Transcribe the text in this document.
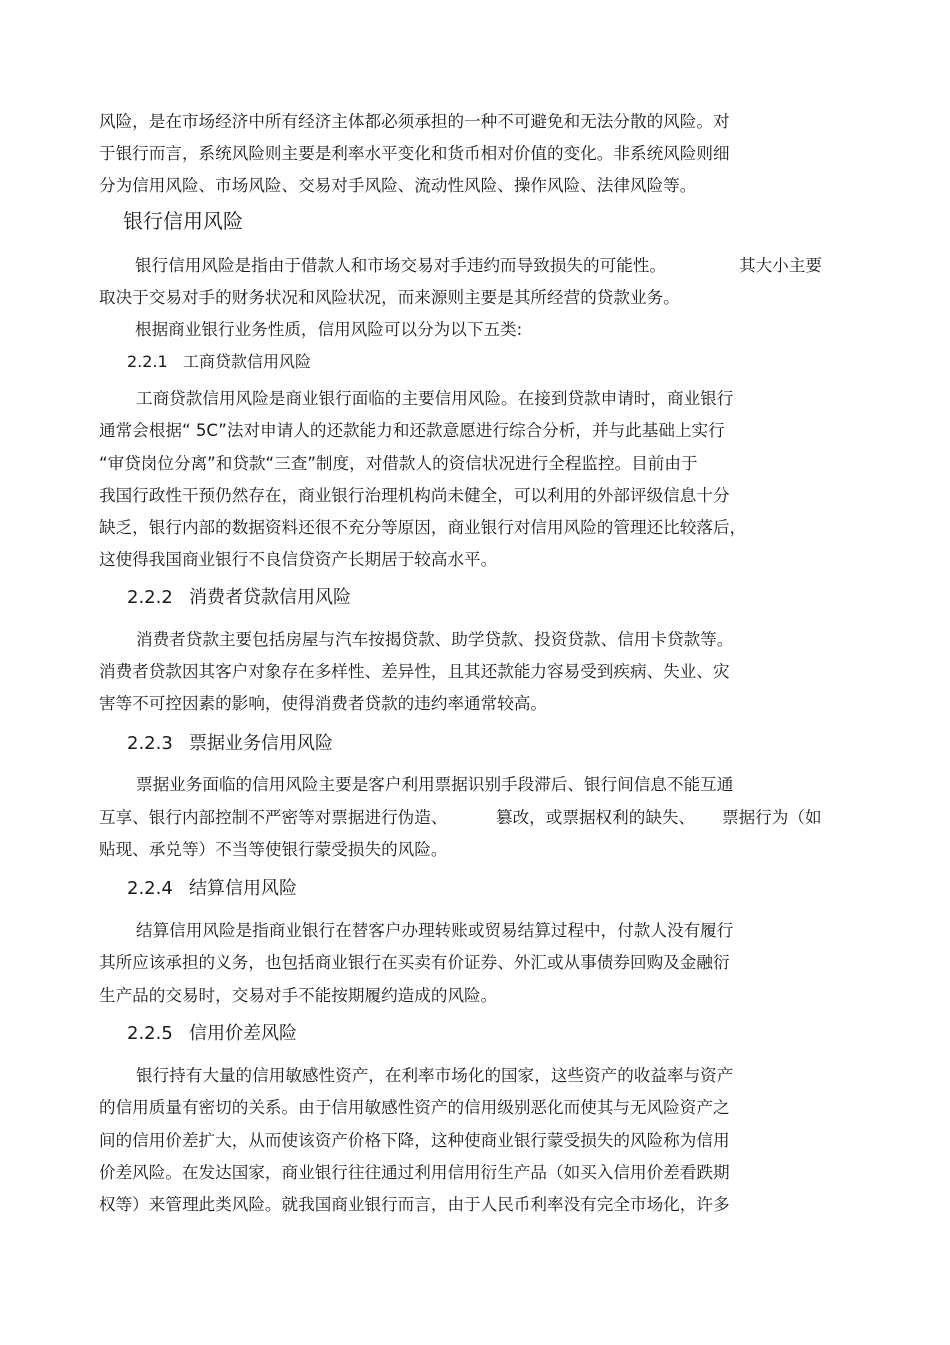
风险，是在市场经济中所有经济主体都必须承担的一种不可避免和无法分散的风险。对
于银行而言，系统风险则主要是利率水平变化和货币相对价值的变化。非系统风险则细
分为信用风险、市场风险、交易对手风险、流动性风险、操作风险、法律风险等。
银行信用风险
银行信用风险是指由于借款人和市场交易对手违约而导致损失的可能性。	其大小主要
取决于交易对手的财务状况和风险状况，而来源则主要是其所经营的贷款业务。
根据商业银行业务性质，信用风险可以分为以下五类:
2.2.1 工商贷款信用风险
工商贷款信用风险是商业银行面临的主要信用风险。在接到贷款申请时，商业银行
通常会根据“ 5C”法对申请人的还款能力和还款意愿进行综合分析，并与此基础上实行
“审贷岗位分离”和贷款“三查”制度，对借款人的资信状况进行全程监控。目前由于
我国行政性干预仍然存在，商业银行治理机构尚未健全，可以利用的外部评级信息十分
缺乏，银行内部的数据资料还很不充分等原因，商业银行对信用风险的管理还比较落后，
这使得我国商业银行不良信贷资产长期居于较高水平。
2.2.2 消费者贷款信用风险
消费者贷款主要包括房屋与汽车按揭贷款、助学贷款、投资贷款、信用卡贷款等。
消费者贷款因其客户对象存在多样性、差异性，且其还款能力容易受到疾病、失业、灾
害等不可控因素的影响，使得消费者贷款的违约率通常较高。
2.2.3 票据业务信用风险
票据业务面临的信用风险主要是客户利用票据识别手段滞后、银行间信息不能互通
互享、银行内部控制不严密等对票据进行伪造、	篡改，或票据权利的缺失、 票据行为（如
贴现、承兑等）不当等使银行蒙受损失的风险。
2.2.4 结算信用风险
结算信用风险是指商业银行在替客户办理转账或贸易结算过程中，付款人没有履行
其所应该承担的义务，也包括商业银行在买卖有价证券、外汇或从事债券回购及金融衍
生产品的交易时，交易对手不能按期履约造成的风险。
2.2.5 信用价差风险
银行持有大量的信用敏感性资产，在利率市场化的国家，这些资产的收益率与资产
的信用质量有密切的关系。由于信用敏感性资产的信用级别恶化而使其与无风险资产之
间的信用价差扩大，从而使该资产价格下降，这种使商业银行蒙受损失的风险称为信用
价差风险。在发达国家，商业银行往往通过利用信用衍生产品（如买入信用价差看跌期
权等）来管理此类风险。就我国商业银行而言，由于人民币利率没有完全市场化，许多
